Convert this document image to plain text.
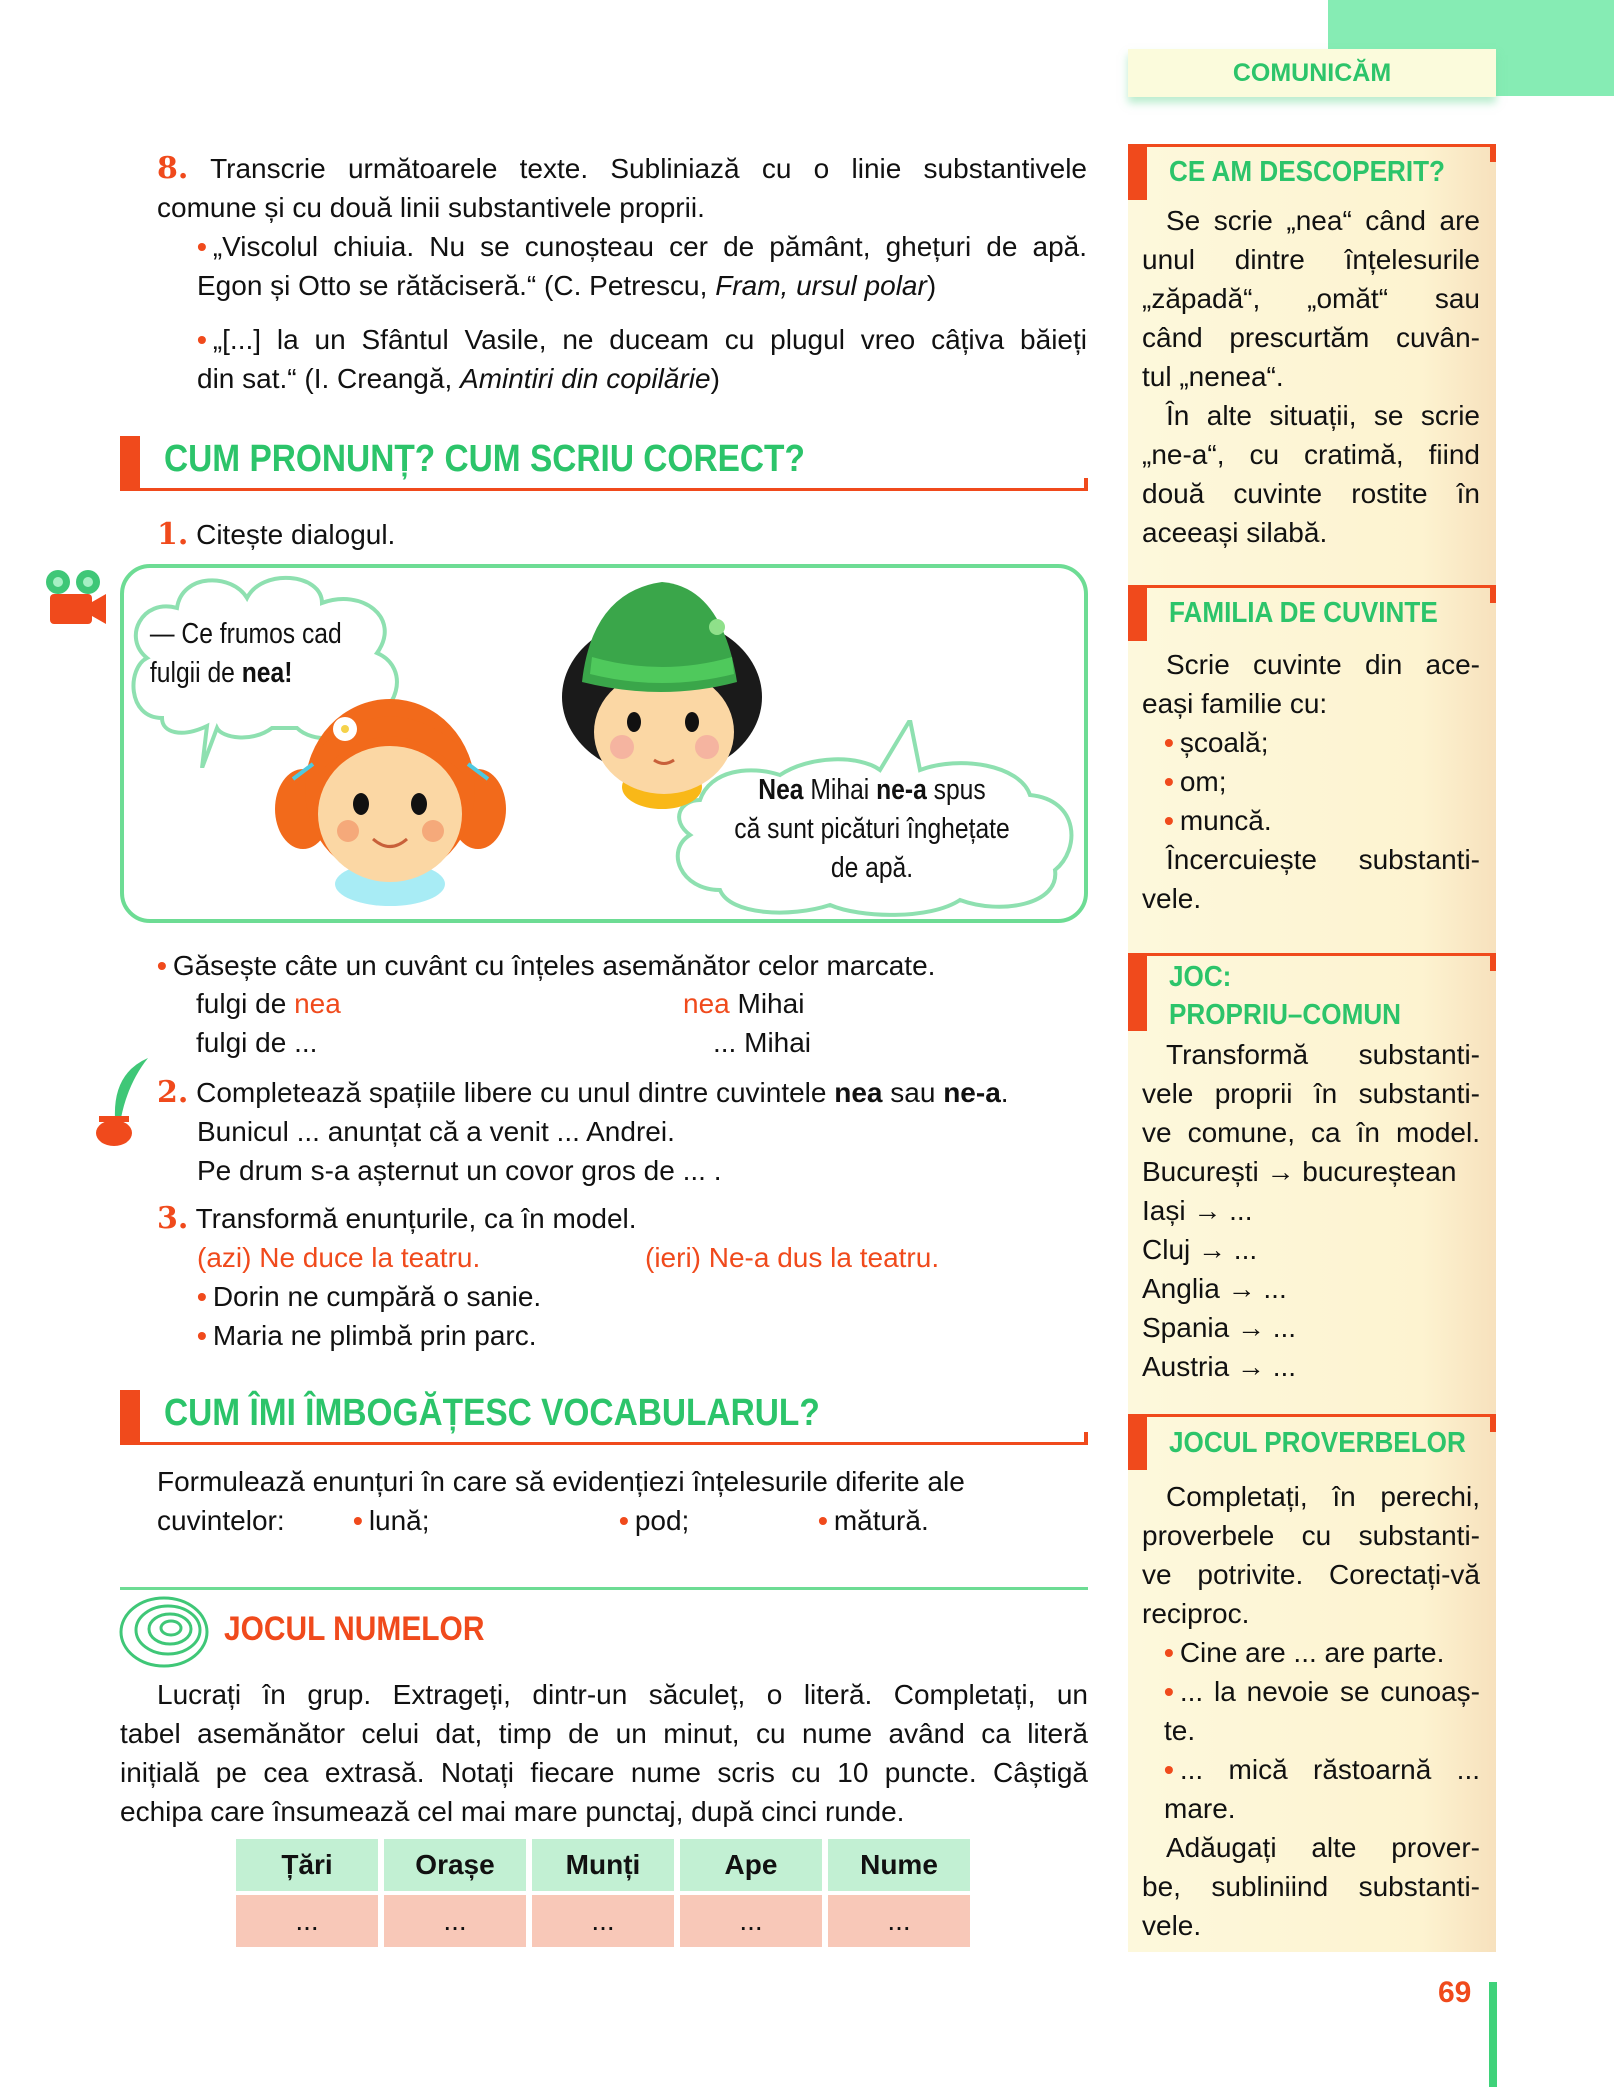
COMUNICĂM
8. Transcrie următoarele texte. Subliniază cu o linie substantivele
comune și cu două linii substantivele proprii.
• „Viscolul chiuia. Nu se cunoșteau cer de pământ, ghețuri de apă.
Egon și Otto se rătăciseră.“ (C. Petrescu, Fram, ursul polar)
• „[...] la un Sfântul Vasile, ne duceam cu plugul vreo câțiva băieți
din sat.“ (I. Creangă, Amintiri din copilărie)
CUM PRONUNȚ? CUM SCRIU CORECT?
1. Citește dialogul.
— Ce frumos cad
fulgii de nea!
Nea Mihai ne-a spus
că sunt picături înghețate
de apă.
• Găsește câte un cuvânt cu înțeles asemănător celor marcate.
fulgi de nea	nea Mihai
fulgi de ...	... Mihai
2. Completează spațiile libere cu unul dintre cuvintele nea sau ne-a.
Bunicul ... anunțat că a venit ... Andrei.
Pe drum s-a așternut un covor gros de ... .
3. Transformă enunțurile, ca în model.
(azi) Ne duce la teatru.	(ieri) Ne-a dus la teatru.
• Dorin ne cumpără o sanie.
• Maria ne plimbă prin parc.
CUM ÎMI ÎMBOGĂȚESC VOCABULARUL?
Formulează enunțuri în care să evidențiezi înțelesurile diferite ale
cuvintelor: • lună;	• pod;	• mătură.
JOCUL NUMELOR
Lucrați în grup. Extrageți, dintr-un săculeț, o literă. Completați, un
tabel asemănător celui dat, timp de un minut, cu nume având ca literă
inițială pe cea extrasă. Notați fiecare nume scris cu 10 puncte. Câștigă
echipa care însumează cel mai mare punctaj, după cinci runde.
Țări	Orașe	Munți	Ape	Nume
...	...	...	...	...
CE AM DESCOPERIT?
Se scrie „nea“ când are
unul dintre înțelesurile
„zăpadă“, „omăt“ sau
când prescurtăm cuvân-
tul „nenea“.
În alte situații, se scrie
„ne-a“, cu cratimă, fiind
două cuvinte rostite în
aceeași silabă.
FAMILIA DE CUVINTE
Scrie cuvinte din ace-
eași familie cu:
• școală;
• om;
• muncă.
Încercuiește substanti-
vele.
JOC:
PROPRIU–COMUN
Transformă substanti-
vele proprii în substanti-
ve comune, ca în model.
București → bucureștean
Iași → ...
Cluj → ...
Anglia → ...
Spania → ...
Austria → ...
JOCUL PROVERBELOR
Completați, în perechi,
proverbele cu substanti-
ve potrivite. Corectați-vă
reciproc.
• Cine are ... are parte.
• ... la nevoie se cunoaș-
te.
• ... mică răstoarnă ...
mare.
Adăugați alte prover-
be, subliniind substanti-
vele.
69
